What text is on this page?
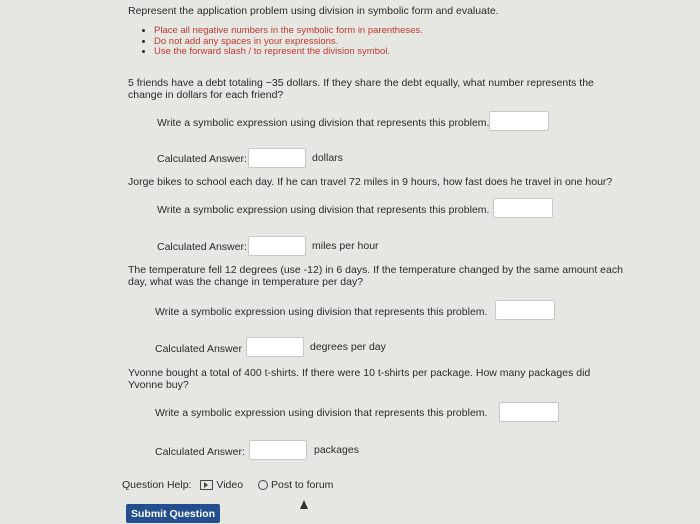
Represent the application problem using division in symbolic form and evaluate.
• Place all negative numbers in the symbolic form in parentheses.
• Do not add any spaces in your expressions.
• Use the forward slash / to represent the division symbol.
5 friends have a debt totaling −35 dollars. If they share the debt equally, what number represents the change in dollars for each friend?
Write a symbolic expression using division that represents this problem.
Calculated Answer:	dollars
Jorge bikes to school each day. If he can travel 72 miles in 9 hours, how fast does he travel in one hour?
Write a symbolic expression using division that represents this problem.
Calculated Answer:	miles per hour
The temperature fell 12 degrees (use -12) in 6 days. If the temperature changed by the same amount each day, what was the change in temperature per day?
Write a symbolic expression using division that represents this problem.
Calculated Answer	degrees per day
Yvonne bought a total of 400 t-shirts. If there were 10 t-shirts per package. How many packages did Yvonne buy?
Write a symbolic expression using division that represents this problem.
Calculated Answer:	packages
Question Help: Video	Post to forum
Submit Question
